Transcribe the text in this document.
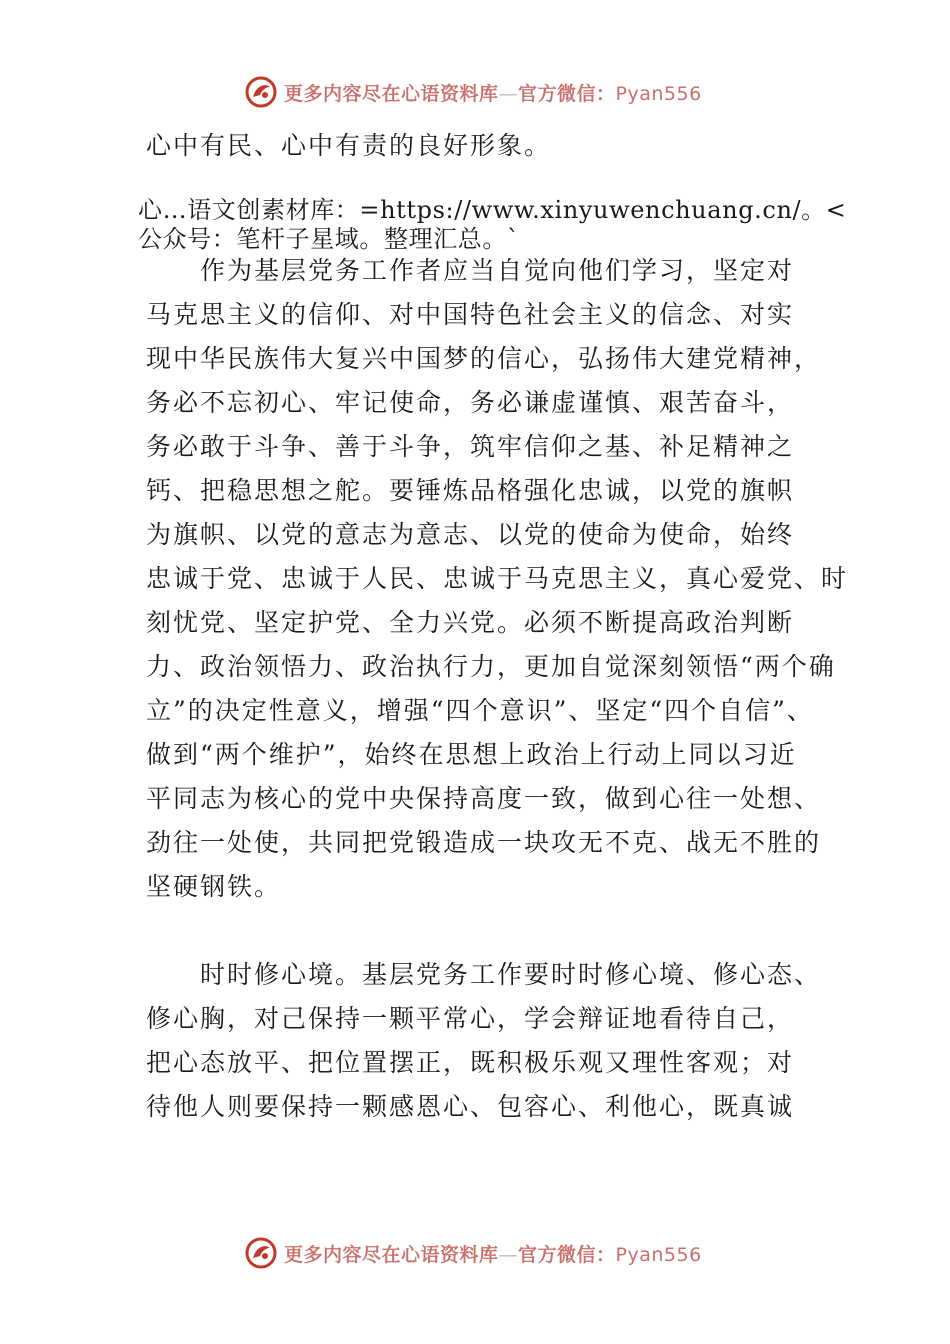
更多内容尽在心语资料库—官方微信：Pyan556
心中有民、心中有责的良好形象。
心…语文创素材库：=https://www.xinyuwenchuang.cn/。<
公众号：笔杆子星域。整理汇总。`
　　作为基层党务工作者应当自觉向他们学习，坚定对
马克思主义的信仰、对中国特色社会主义的信念、对实
现中华民族伟大复兴中国梦的信心，弘扬伟大建党精神，
务必不忘初心、牢记使命，务必谦虚谨慎、艰苦奋斗，
务必敢于斗争、善于斗争，筑牢信仰之基、补足精神之
钙、把稳思想之舵。要锤炼品格强化忠诚，以党的旗帜
为旗帜、以党的意志为意志、以党的使命为使命，始终
忠诚于党、忠诚于人民、忠诚于马克思主义，真心爱党、时
刻忧党、坚定护党、全力兴党。必须不断提高政治判断
力、政治领悟力、政治执行力，更加自觉深刻领悟“两个确
立”的决定性意义，增强“四个意识”、坚定“四个自信”、
做到“两个维护”，始终在思想上政治上行动上同以习近
平同志为核心的党中央保持高度一致，做到心往一处想、
劲往一处使，共同把党锻造成一块攻无不克、战无不胜的
坚硬钢铁。
　　时时修心境。基层党务工作要时时修心境、修心态、
修心胸，对己保持一颗平常心，学会辩证地看待自己，
把心态放平、把位置摆正，既积极乐观又理性客观；对
待他人则要保持一颗感恩心、包容心、利他心，既真诚
更多内容尽在心语资料库—官方微信：Pyan556
